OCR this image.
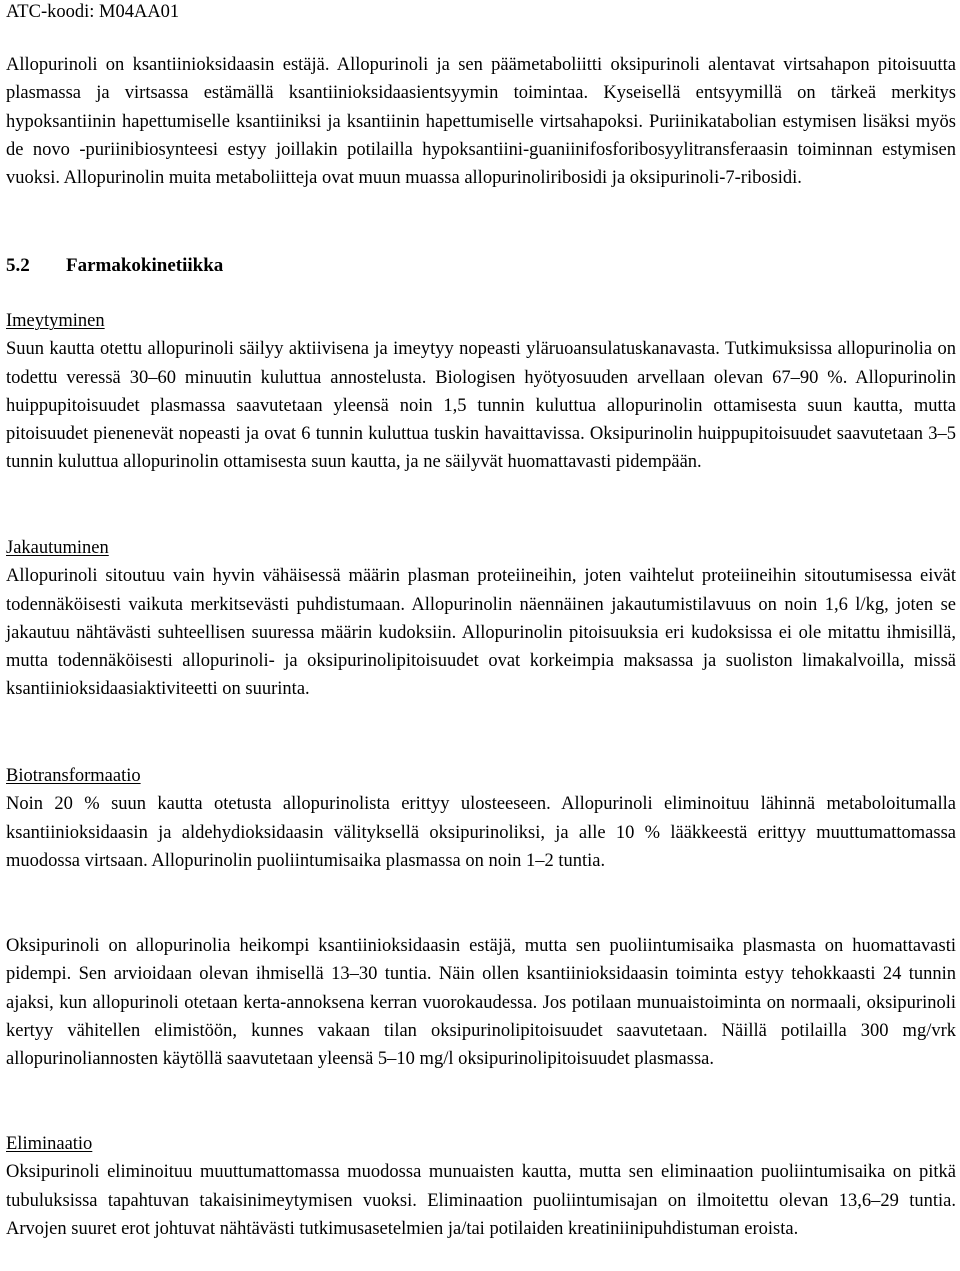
ATC-koodi: M04AA01

Allopurinoli on ksantiinioksidaasin estäjä. Allopurinoli ja sen päämetaboliitti oksipurinoli alentavat virtsahapon pitoisuutta plasmassa ja virtsassa estämällä ksantiinioksidaasientsyymin toimintaa. Kyseisellä entsyymillä on tärkeä merkitys hypoksantiinin hapettumiselle ksantiiniksi ja ksantiinin hapettumiselle virtsahapoksi. Puriinikatabolian estymisen lisäksi myös de novo -puriinibiosynteesi estyy joillakin potilailla hypoksantiini-guaniinifosforibosyylitransferaasin toiminnan estymisen vuoksi. Allopurinolin muita metaboliitteja ovat muun muassa allopurinoliribosidi ja oksipurinoli-7-ribosidi.

5.2 Farmakokinetiikka
Imeytyminen

Suun kautta otettu allopurinoli säilyy aktiivisena ja imeytyy nopeasti yläruoansulatuskanavasta. Tutkimuksissa allopurinolia on todettu veressä 30–60 minuutin kuluttua annostelusta. Biologisen hyötyosuuden arvellaan olevan 67–90 %. Allopurinolin huippupitoisuudet plasmassa saavutetaan yleensä noin 1,5 tunnin kuluttua allopurinolin ottamisesta suun kautta, mutta pitoisuudet pienenevät nopeasti ja ovat 6 tunnin kuluttua tuskin havaittavissa. Oksipurinolin huippupitoisuudet saavutetaan 3–5 tunnin kuluttua allopurinolin ottamisesta suun kautta, ja ne säilyvät huomattavasti pidempään.

Jakautuminen

Allopurinoli sitoutuu vain hyvin vähäisessä määrin plasman proteiineihin, joten vaihtelut proteiineihin sitoutumisessa eivät todennäköisesti vaikuta merkitsevästi puhdistumaan. Allopurinolin näennäinen jakautumistilavuus on noin 1,6 l/kg, joten se jakautuu nähtävästi suhteellisen suuressa määrin kudoksiin. Allopurinolin pitoisuuksia eri kudoksissa ei ole mitattu ihmisillä, mutta todennäköisesti allopurinoli- ja oksipurinolipitoisuudet ovat korkeimpia maksassa ja suoliston limakalvoilla, missä ksantiinioksidaasiaktiviteetti on suurinta.

Biotransformaatio

Noin 20 % suun kautta otetusta allopurinolista erittyy ulosteeseen. Allopurinoli eliminoituu lähinnä metaboloitumalla ksantiinioksidaasin ja aldehydioksidaasin välityksellä oksipurinoliksi, ja alle 10 % lääkkeestä erittyy muuttumattomassa muodossa virtsaan. Allopurinolin puoliintumisaika plasmassa on noin 1–2 tuntia.

Oksipurinoli on allopurinolia heikompi ksantiinioksidaasin estäjä, mutta sen puoliintumisaika plasmasta on huomattavasti pidempi. Sen arvioidaan olevan ihmisellä 13–30 tuntia. Näin ollen ksantiinioksidaasin toiminta estyy tehokkaasti 24 tunnin ajaksi, kun allopurinoli otetaan kerta-annoksena kerran vuorokaudessa. Jos potilaan munuaistoiminta on normaali, oksipurinoli kertyy vähitellen elimistöön, kunnes vakaan tilan oksipurinolipitoisuudet saavutetaan. Näillä potilailla 300 mg/vrk allopurinoliannosten käytöllä saavutetaan yleensä 5–10 mg/l oksipurinolipitoisuudet plasmassa.

Eliminaatio

Oksipurinoli eliminoituu muuttumattomassa muodossa munuaisten kautta, mutta sen eliminaation puoliintumisaika on pitkä tubuluksissa tapahtuvan takaisinimeytymisen vuoksi. Eliminaation puoliintumisajan on ilmoitettu olevan 13,6–29 tuntia. Arvojen suuret erot johtuvat nähtävästi tutkimusasetelmien ja/tai potilaiden kreatiniinipuhdistuman eroista.
